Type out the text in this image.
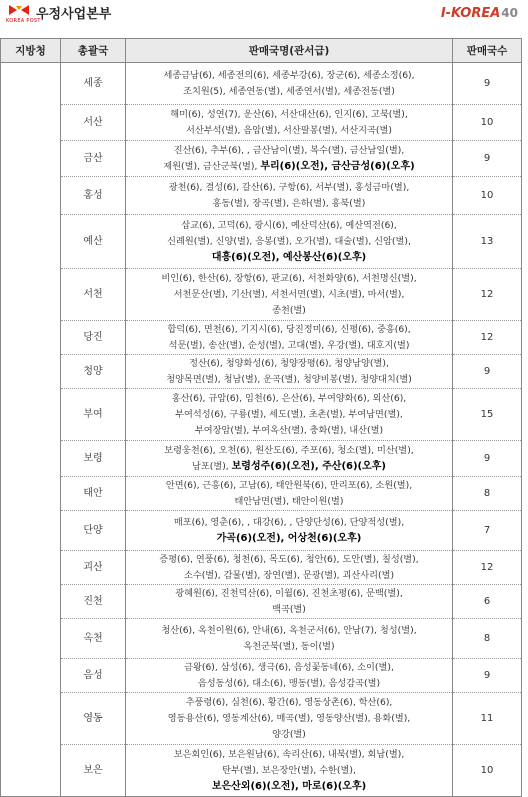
KOREA POST
우정사업본부	I-KOREA40
지방청	총괄국	판매국명(관서급)	판매국수
	세종	세종금남(6), 세종전의(6), 세종부강(6), 장군(6), 세종소정(6),
조치원(5), 세종연동(별), 세종연서(별), 세종전동(별)	9
	서산	해미(6), 성연(7), 운산(6), 서산대산(6), 인지(6), 고북(별),
서산부석(별), 음암(별), 서산팔봉(별), 서산지곡(별)	10
	금산	진산(6), 추부(6), , 금산남이(별), 복수(별), 금산남일(별),
제원(별), 금산군북(별), 부리(6)(오전), 금산금성(6)(오후)	9
	홍성	광천(6), 결성(6), 갈산(6), 구항(6), 서부(별), 홍성금마(별),
홍동(별), 장곡(별), 은하(별), 홍북(별)	10
	예산	삽교(6), 고덕(6), 광시(6), 예산덕산(6), 예산역전(6),
신례원(별), 신양(별), 응봉(별), 오가(별), 대술(별), 신암(별),
대흥(6)(오전), 예산봉산(6)(오후)	13
	서천	비인(6), 한산(6), 장항(6), 판교(6), 서천화양(6), 서천명신(별),
서천문산(별), 기산(별), 서천서면(별), 시초(별), 마서(별),
종천(별)	12
	당진	합덕(6), 면천(6), 기지시(6), 당진정미(6), 신평(6), 중흥(6),
석문(별), 송산(별), 순성(별), 고대(별), 우강(별), 대호지(별)	12
	청양	정산(6), 청양화성(6), 청양장평(6), 청양남양(별),
청양목면(별), 청남(별), 운곡(별), 청양비봉(별), 청양대치(별)	9
	부여	홍산(6), 규암(6), 임천(6), 은산(6), 부여양화(6), 외산(6),
부여석성(6), 구룡(별), 세도(별), 초촌(별), 부여남면(별),
부여장암(별), 부여옥산(별), 충화(별), 내산(별)	15
	보령	보령웅천(6), 오천(6), 원산도(6), 주포(6), 청소(별), 미산(별),
남포(별), 보령성주(6)(오전), 주산(6)(오후)	9
	태안	안면(6), 근흥(6), 고남(6), 태안원북(6), 만리포(6), 소원(별),
태안남면(별), 태안이원(별)	8
	단양	매포(6), 영춘(6), , 대강(6), , 단양단성(6), 단양적성(별),
가곡(6)(오전), 어상천(6)(오후)	7
	괴산	증평(6), 연풍(6), 청천(6), 목도(6), 청안(6), 도안(별), 칠성(별),
소수(별), 감물(별), 장연(별), 문광(별), 괴산사리(별)	12
	진천	광혜원(6), 진천덕산(6), 이월(6), 진천초평(6), 문백(별),
백곡(별)	6
	옥천	청산(6), 옥천이원(6), 안내(6), 옥천군서(6), 안남(7), 청성(별),
옥천군북(별), 동이(별)	8
	음성	금왕(6), 삼성(6), 생극(6), 음성꽃동네(6), 소이(별),
음성동성(6), 대소(6), 맹동(별), 음성감곡(별)	9
	영동	추풍령(6), 심천(6), 황간(6), 영동상촌(6), 학산(6),
영동용산(6), 영동계산(6), 매곡(별), 영동양산(별), 용화(별),
양강(별)	11
	보은	보은회인(6), 보은원남(6), 속리산(6), 내북(별), 회남(별),
탄부(별), 보은장안(별), 수한(별),
보은산외(6)(오전), 마로(6)(오후)	10
